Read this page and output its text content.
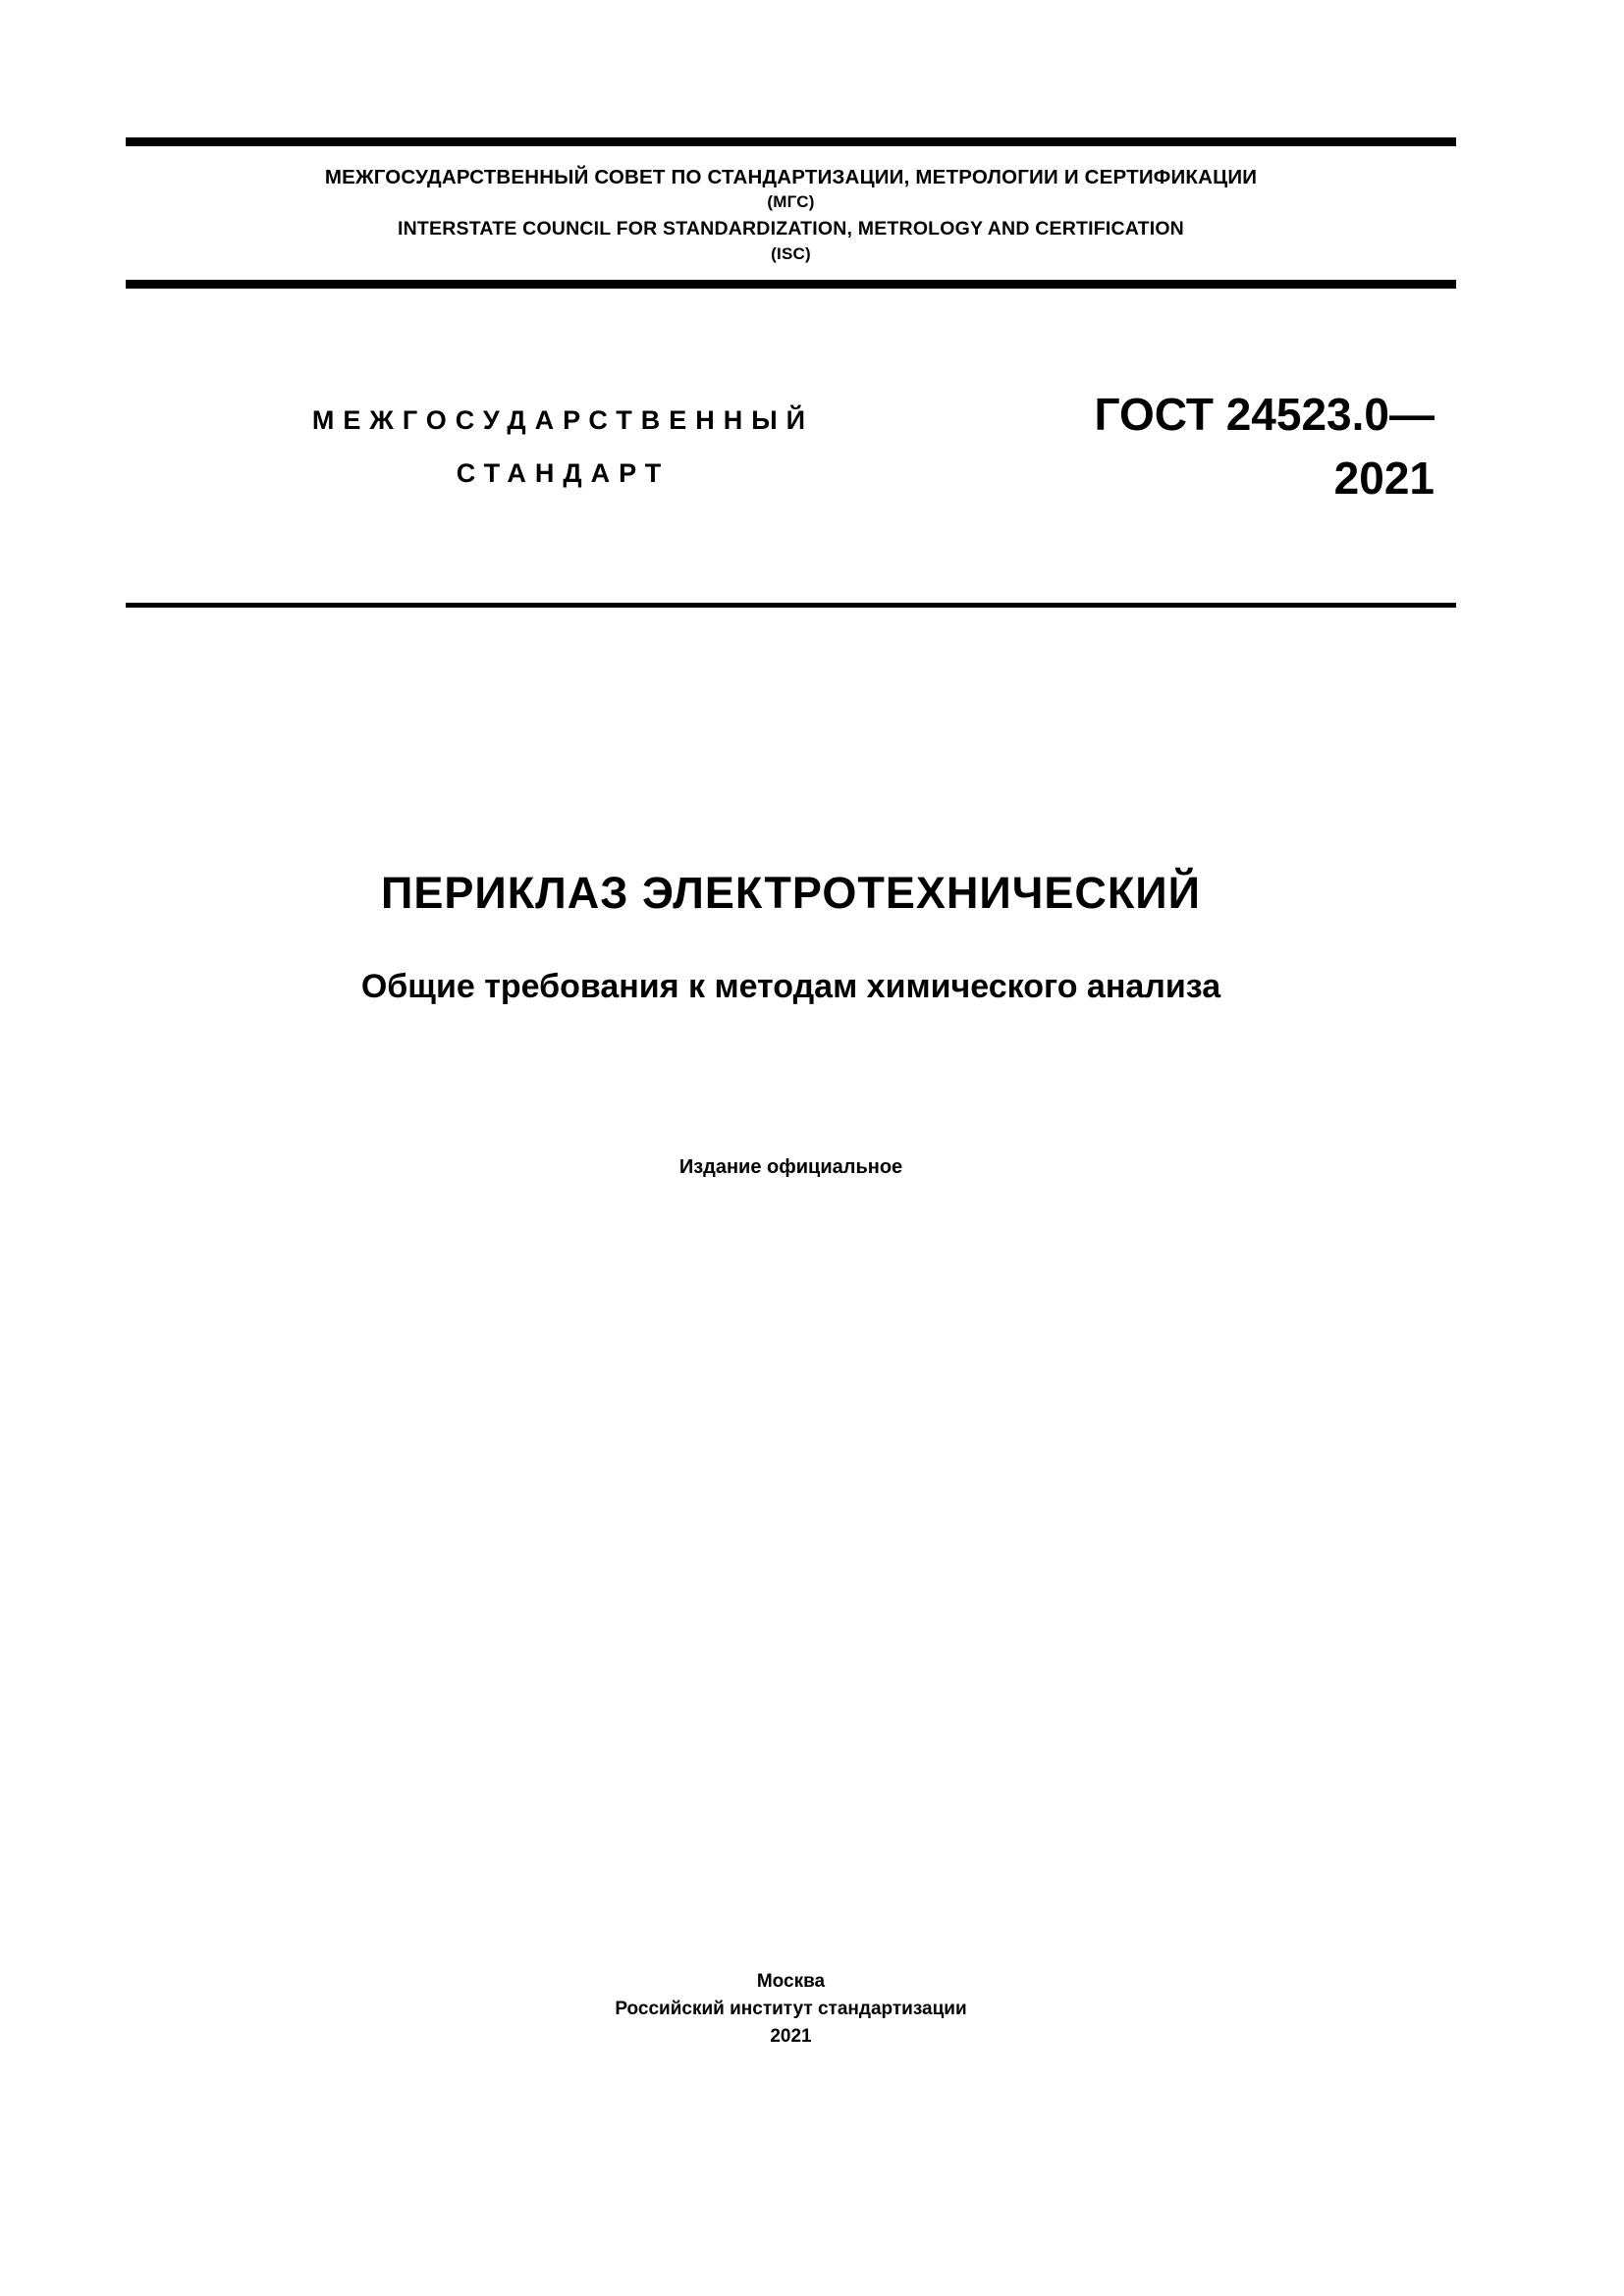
МЕЖГОСУДАРСТВЕННЫЙ СОВЕТ ПО СТАНДАРТИЗАЦИИ, МЕТРОЛОГИИ И СЕРТИФИКАЦИИ
(МГС)
INTERSTATE COUNCIL FOR STANDARDIZATION, METROLOGY AND CERTIFICATION
(ISC)
МЕЖГОСУДАРСТВЕННЫЙ
СТАНДАРТ
ГОСТ 24523.0— 2021
ПЕРИКЛАЗ ЭЛЕКТРОТЕХНИЧЕСКИЙ
Общие требования к методам химического анализа
Издание официальное
Москва
Российский институт стандартизации
2021
